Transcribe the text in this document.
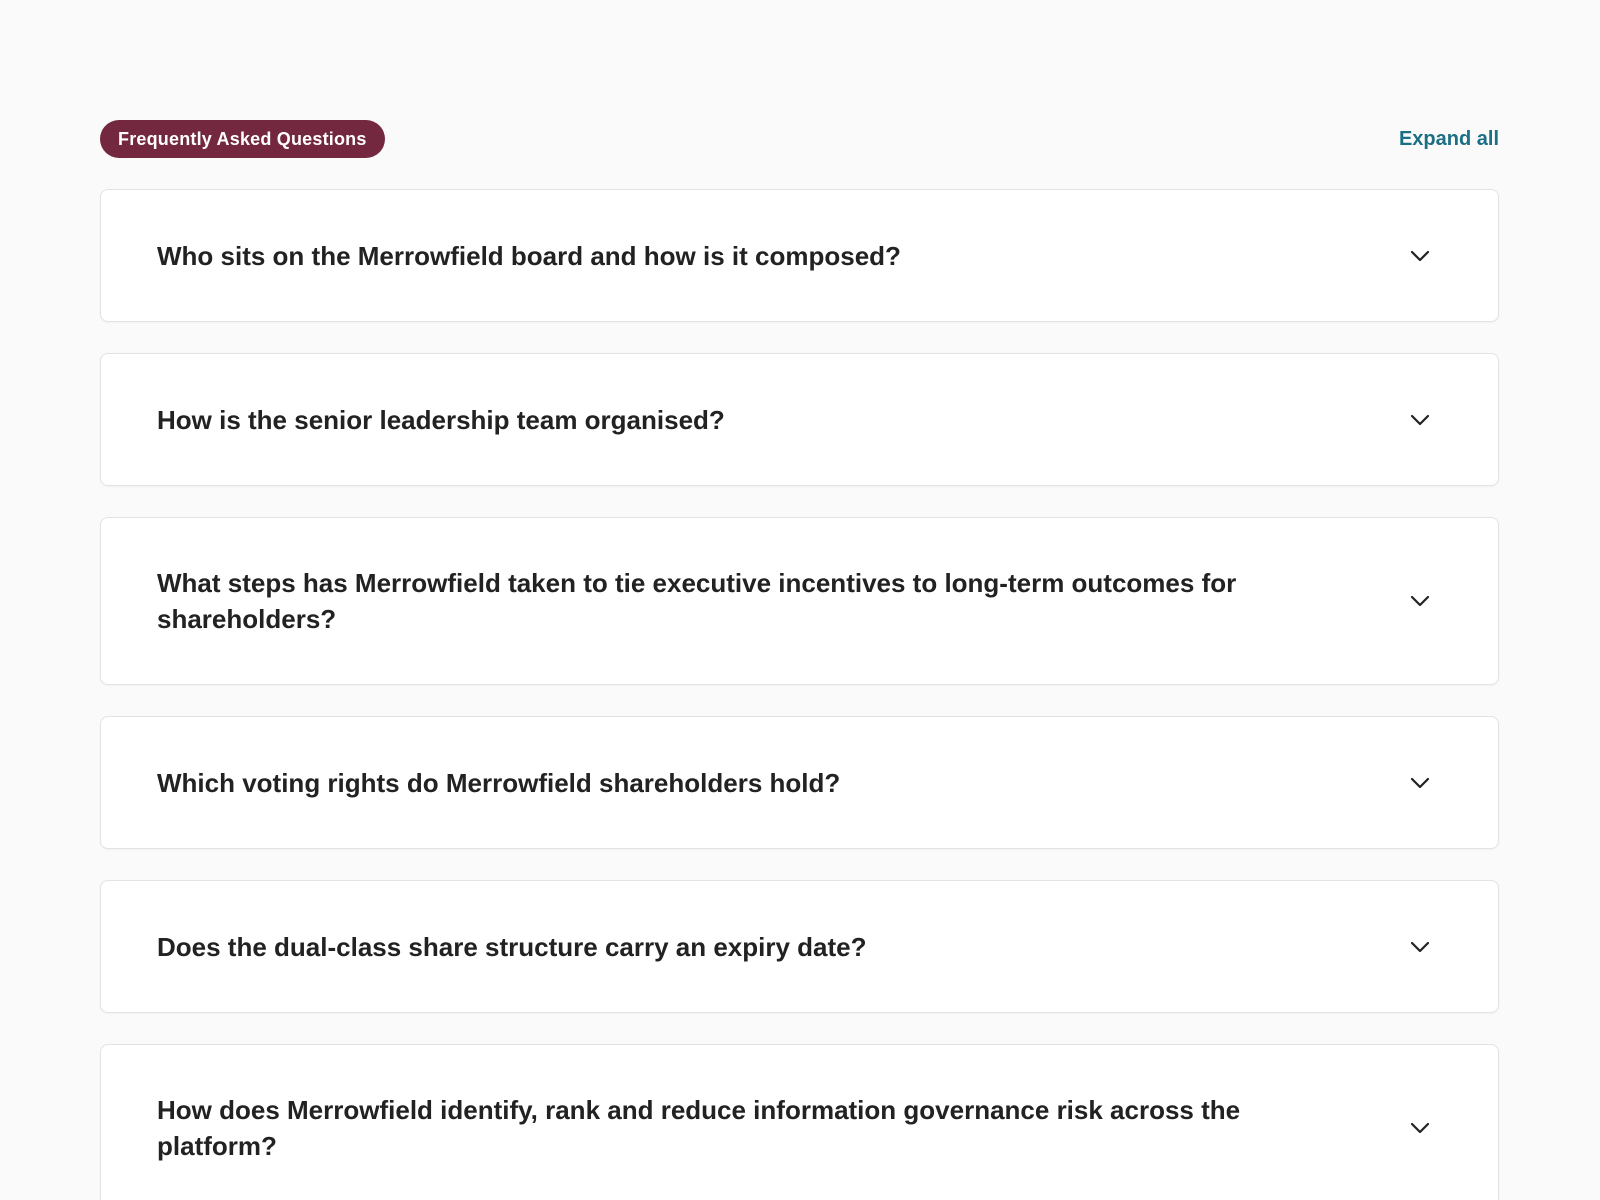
Frequently Asked Questions	Expand all
Who sits on the Merrowfield board and how is it composed?
How is the senior leadership team organised?
What steps has Merrowfield taken to tie executive incentives to long-term outcomes for shareholders?
Which voting rights do Merrowfield shareholders hold?
Does the dual-class share structure carry an expiry date?
How does Merrowfield identify, rank and reduce information governance risk across the platform?
